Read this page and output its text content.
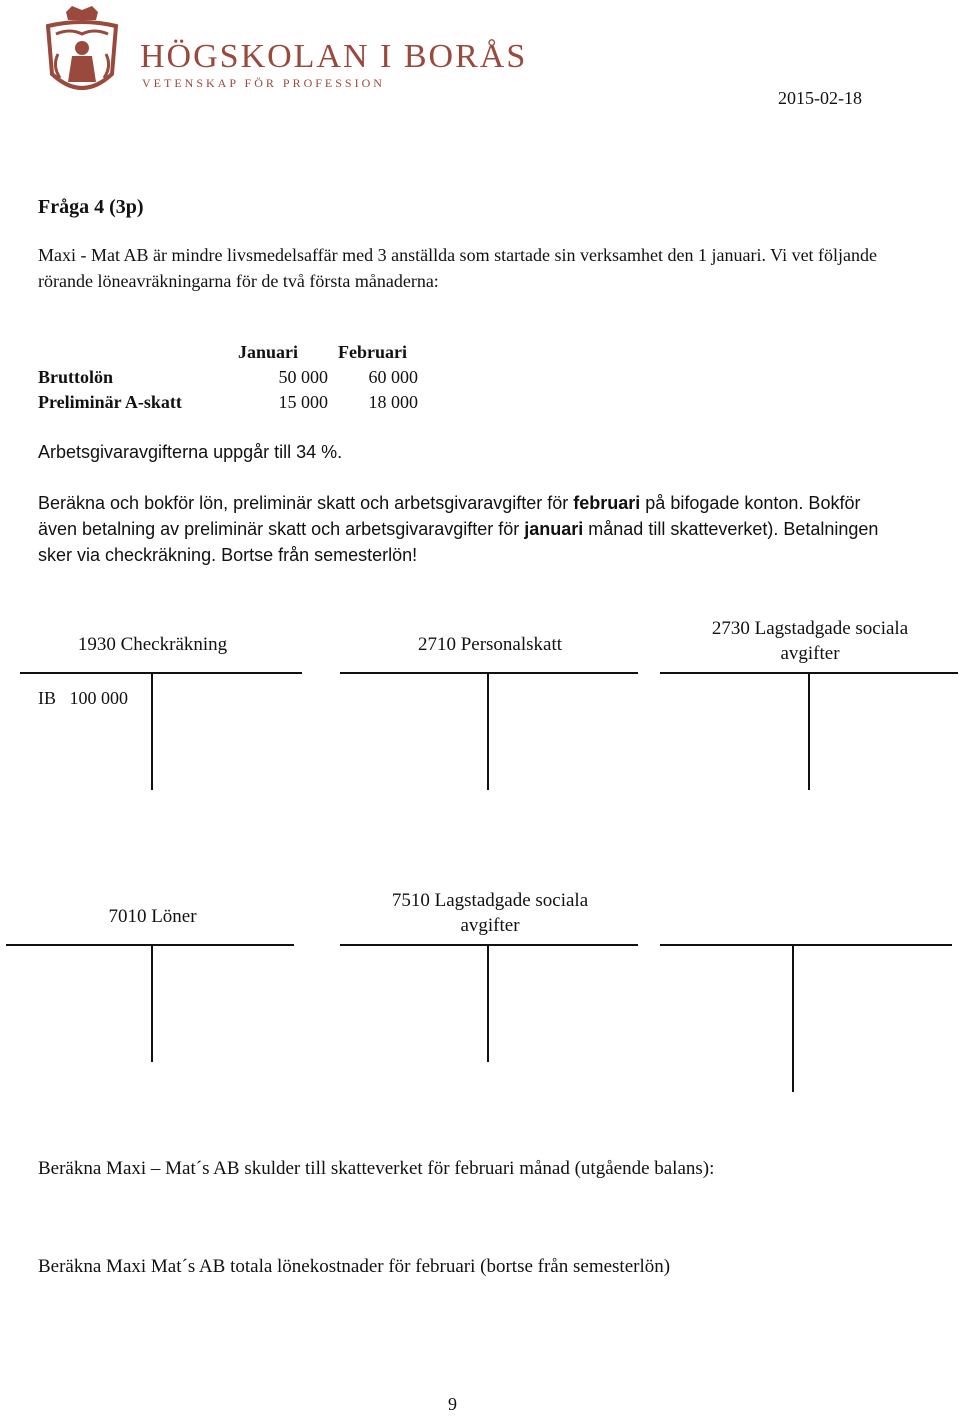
HÖGSKOLAN I BORÅS
VETENSKAP FÖR PROFESSION
2015-02-18
Fråga 4 (3p)
Maxi - Mat AB är mindre livsmedelsaffär med 3 anställda som startade sin verksamhet den 1 januari. Vi vet följande rörande löneavräkningarna för de två första månaderna:
Januari Februari
Bruttolön	50 000	60 000
Preliminär A-skatt	15 000	18 000
Arbetsgivaravgifterna uppgår till 34 %.
Beräkna och bokför lön, preliminär skatt och arbetsgivaravgifter för februari på bifogade konton. Bokför även betalning av preliminär skatt och arbetsgivaravgifter för januari månad till skatteverket). Betalningen sker via checkräkning. Bortse från semesterlön!
1930 Checkräkning
IB 100 000
2710 Personalskatt
2730 Lagstadgade sociala avgifter
7010 Löner
7510 Lagstadgade sociala avgifter
Beräkna Maxi – Mat´s AB skulder till skatteverket för februari månad (utgående balans):
Beräkna Maxi Mat´s AB totala lönekostnader för februari (bortse från semesterlön)
9
